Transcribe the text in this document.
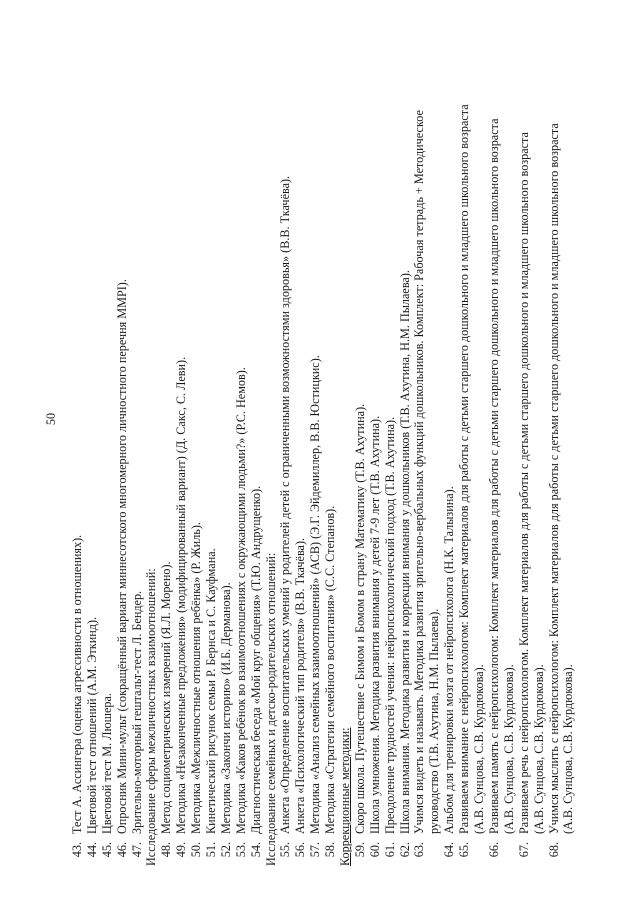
50
43.
Тест А. Ассингера (оценка агрессивности в отношениях).
44.
Цветовой тест отношений (А.М. Эткинд).
45.
Цветовой тест М. Люшера.
46.
Опросник Мини-мульт (сокращённый вариант миннесотского многомерного личностного перечня MMPI).
47.
Зрительно-моторный гештальт-тест Л. Бендер. Исследование сферы межличностных взаимоотношений: 48.
Метод социометрических измерений (Я.Л. Морено).
49.
Методика «Незаконченные предложения» (модифицированный вариант) (Д. Сакс, С. Леви).
50.
Методика «Межличностные отношения ребёнка» (Р. Жиль).
51.
Кинетический рисунок семьи Р. Бернса и С. Кауфмана.
52.
Методика «Закончи историю» (И.Б. Дерманова).
53.
Методика «Каков ребёнок во взаимоотношениях с окружающими людьми?» (Р.С. Немов).
54.
Диагностическая беседа «Мой круг общения» (Т.Ю. Андрущенко). Исследование семейных и детско-родительских отношений: 55.
Анкета «Определение воспитательских умений у родителей детей с ограниченными возможностями здоровья» (В.В. Ткачёва).
56.
Анкета «Психологический тип родителя» (В.В. Ткачёва).
57.
Методика «Анализ семейных взаимоотношений» (АСВ) (Э.Г. Эйдемиллер, В.В. Юстицкис).
58.
Методика «Стратегии семейного воспитания» (С.С. Степанов). Коррекционные методики: 59.
Скоро школа. Путешествие с Бимом и Бомом в страну Математику (Т.В. Ахутина).
60.
Школа умножения. Методика развития внимания у детей 7-9 лет (Т.В. Ахутина).
61.
Преодоление трудностей учения: нейропсихологический подход (Т.В. Ахутина).
62.
Школа внимания. Методика развития и коррекции внимания у дошкольников (Т.В. Ахутина, Н.М. Пылаева).
63.
Учимся видеть и называть. Методика развития зрительно-вербальных функций дошкольников. Комплект: Рабочая тетрадь + Методическое руководство (Т.В. Ахутина, Н.М. Пылаева).
64.
Альбом для тренировки мозга от нейропсихолога (Н.К. Талызина).
65.
Развиваем внимание с нейропсихологом: Комплект материалов для работы с детьми старшего дошкольного и младшего школьного возраста (А.В. Сунцова, С.В. Курдюкова).
66.
Развиваем память с нейропсихологом: Комплект материалов для работы с детьми старшего дошкольного и младшего школьного возраста (А.В. Сунцова, С.В. Курдюкова).
67.
Развиваем речь с нейропсихологом. Комплект материалов для работы с детьми старшего дошкольного и младшего школьного возраста (А.В. Сунцова, С.В. Курдюкова).
68.
Учимся мыслить с нейропсихологом: Комплект материалов для работы с детьми старшего дошкольного и младшего школьного возраста (А.В. Сунцова, С.В. Курдюкова).
